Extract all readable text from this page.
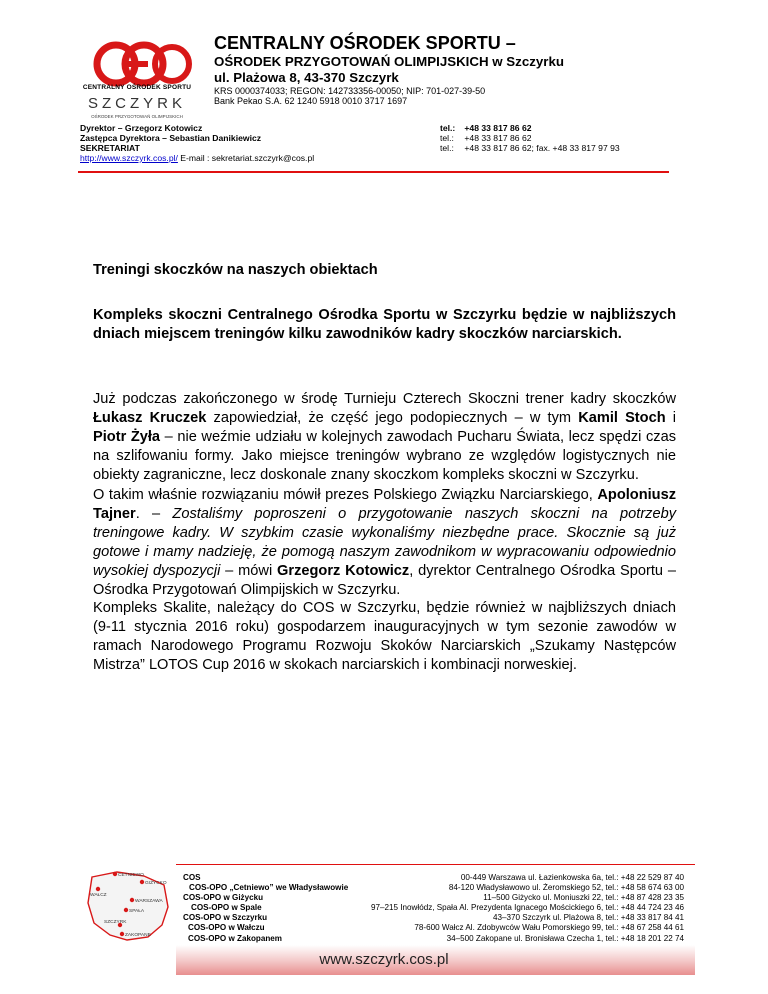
CENTRALNY OŚRODEK SPORTU
SZCZYRK
OŚRODEK PRZYGOTOWAŃ OLIMPIJSKICH
CENTRALNY OŚRODEK SPORTU –
OŚRODEK PRZYGOTOWAŃ OLIMPIJSKICH w Szczyrku
ul. Plażowa 8, 43-370 Szczyrk
KRS 0000374033; REGON: 142733356-00050; NIP: 701-027-39-50
Bank Pekao S.A. 62 1240 5918 0010 3717 1697
Dyrektor – Grzegorz Kotowicz
Zastępca Dyrektora – Sebastian Danikiewicz
SEKRETARIAT
http://www.szczyrk.cos.pl/ E-mail : sekretariat.szczyrk@cos.pl
tel.: +48 33 817 86 62
tel.: +48 33 817 86 62
tel.: +48 33 817 86 62; fax. +48 33 817 97 93
Treningi skoczków na naszych obiektach
Kompleks skoczni Centralnego Ośrodka Sportu w Szczyrku będzie w najbliższych dniach miejscem treningów kilku zawodników kadry skoczków narciarskich.
Już podczas zakończonego w środę Turnieju Czterech Skoczni trener kadry skoczków Łukasz Kruczek zapowiedział, że część jego podopiecznych – w tym Kamil Stoch i Piotr Żyła – nie weźmie udziału w kolejnych zawodach Pucharu Świata, lecz spędzi czas na szlifowaniu formy. Jako miejsce treningów wybrano ze względów logistycznych nie obiekty zagraniczne, lecz doskonale znany skoczkom kompleks skoczni w Szczyrku.
O takim właśnie rozwiązaniu mówił prezes Polskiego Związku Narciarskiego, Apoloniusz Tajner. – Zostaliśmy poproszeni o przygotowanie naszych skoczni na potrzeby treningowe kadry. W szybkim czasie wykonaliśmy niezbędne prace. Skocznie są już gotowe i mamy nadzieję, że pomogą naszym zawodnikom w wypracowaniu odpowiednio wysokiej dyspozycji – mówi Grzegorz Kotowicz, dyrektor Centralnego Ośrodka Sportu – Ośrodka Przygotowań Olimpijskich w Szczyrku.
Kompleks Skalite, należący do COS w Szczyrku, będzie również w najbliższych dniach (9-11 stycznia 2016 roku) gospodarzem inauguracyjnych w tym sezonie zawodów w ramach Narodowego Programu Rozwoju Skoków Narciarskich „Szukamy Następców Mistrza” LOTOS Cup 2016 w skokach narciarskich i kombinacji norweskiej.
CETNIEWO
GIŻYCKO
WAŁCZ
WARSZAWA
SPAŁA
SZCZYRK
ZAKOPANE
COS
COS-OPO „Cetniewo” we Władysławowie
COS-OPO w Giżycku
COS-OPO w Spale
COS-OPO w Szczyrku
COS-OPO w Wałczu
COS-OPO w Zakopanem
00-449 Warszawa ul. Łazienkowska 6a, tel.: +48 22 529 87 40
84-120 Władysławowo ul. Żeromskiego 52, tel.: +48 58 674 63 00
11–500 Giżycko ul. Moniuszki 22, tel.: +48 87 428 23 35
97–215 Inowłódz, Spała Al. Prezydenta Ignacego Mościckiego 6, tel.: +48 44 724 23 46
43–370 Szczyrk ul. Plażowa 8, tel.: +48 33 817 84 41
78-600 Wałcz Al. Zdobywców Wału Pomorskiego 99, tel.: +48 67 258 44 61
34–500 Zakopane ul. Bronisława Czecha 1, tel.: +48 18 201 22 74
www.szczyrk.cos.pl
